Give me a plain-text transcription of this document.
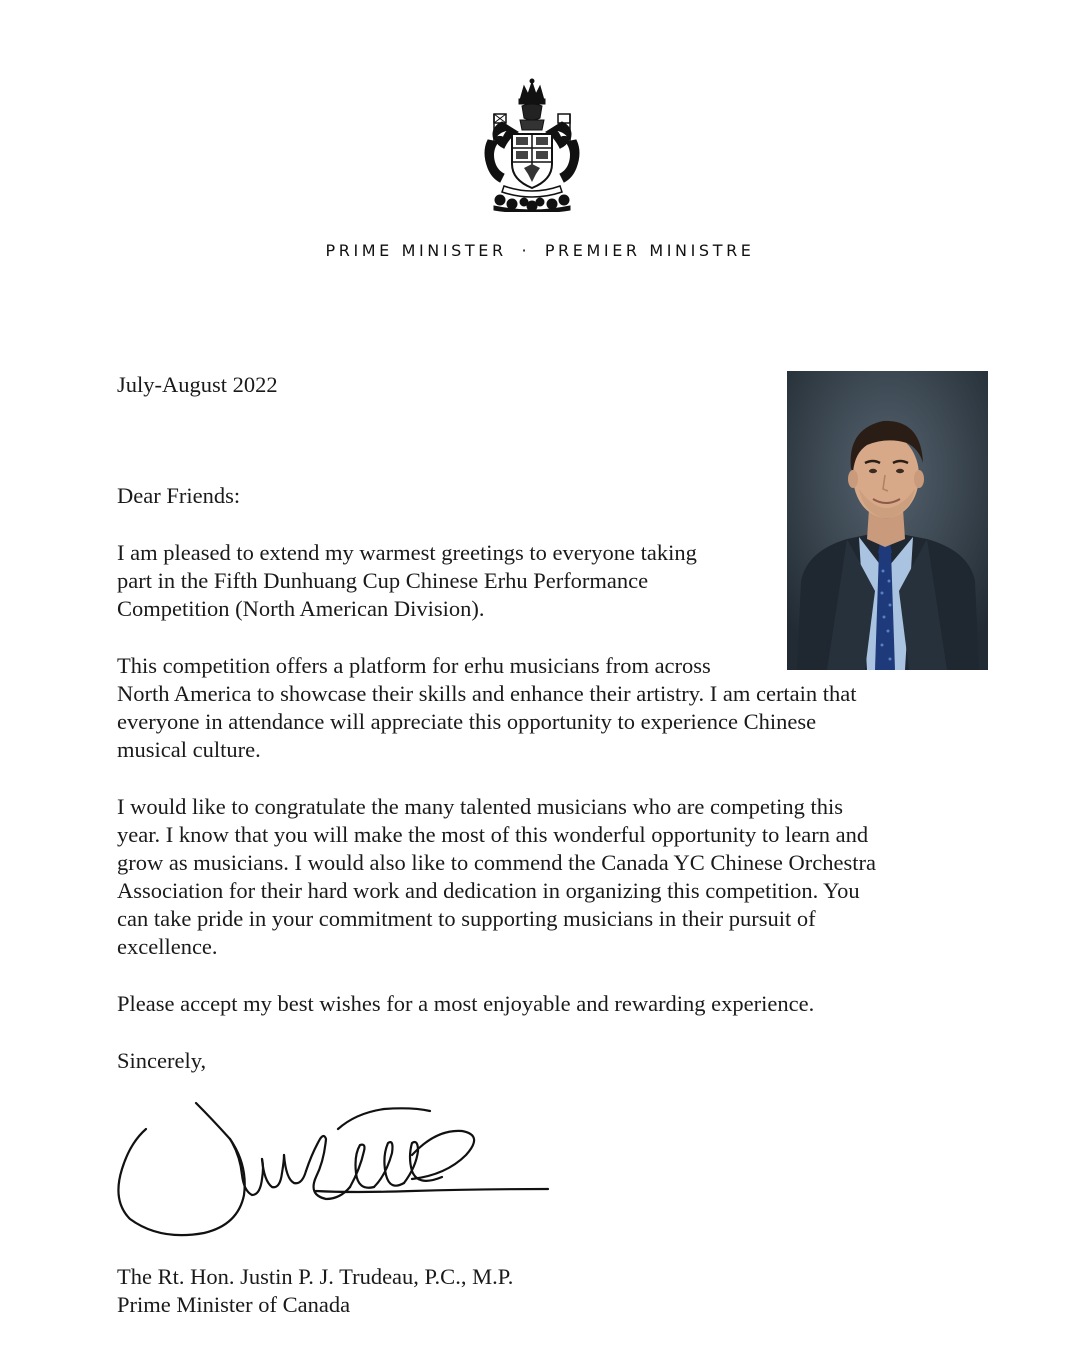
PRIME MINISTER · PREMIER MINISTRE
July-August 2022
Dear Friends:
I am pleased to extend my warmest greetings to everyone taking
part in the Fifth Dunhuang Cup Chinese Erhu Performance
Competition (North American Division).
This competition offers a platform for erhu musicians from across
North America to showcase their skills and enhance their artistry. I am certain that
everyone in attendance will appreciate this opportunity to experience Chinese
musical culture.
I would like to congratulate the many talented musicians who are competing this
year. I know that you will make the most of this wonderful opportunity to learn and
grow as musicians. I would also like to commend the Canada YC Chinese Orchestra
Association for their hard work and dedication in organizing this competition. You
can take pride in your commitment to supporting musicians in their pursuit of
excellence.
Please accept my best wishes for a most enjoyable and rewarding experience.
Sincerely,
The Rt. Hon. Justin P. J. Trudeau, P.C., M.P.
Prime Minister of Canada
